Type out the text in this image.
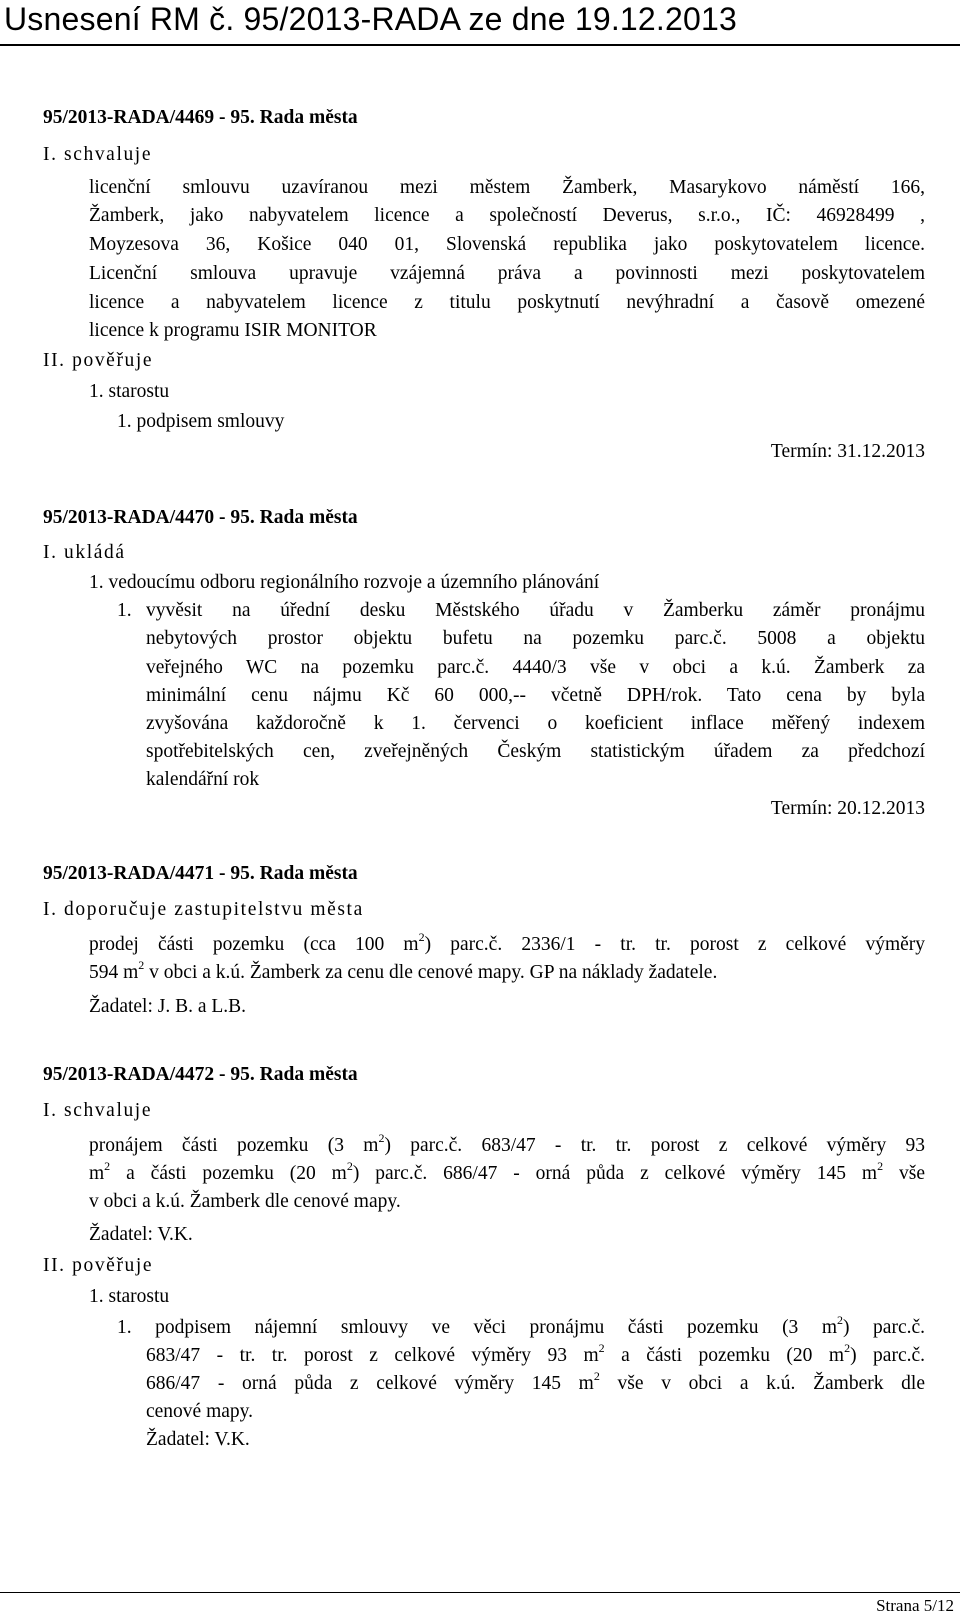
Usnesení RM č. 95/2013-RADA ze dne 19.12.2013
95/2013-RADA/4469 - 95. Rada města
I. schvaluje
licenční smlouvu uzavíranou mezi městem Žamberk, Masarykovo náměstí 166,
Žamberk, jako nabyvatelem licence a společností Deverus, s.r.o., IČ: 46928499 ,
Moyzesova 36, Košice 040 01, Slovenská republika jako poskytovatelem licence.
Licenční smlouva upravuje vzájemná práva a povinnosti mezi poskytovatelem
licence a nabyvatelem licence z titulu poskytnutí nevýhradní a časově omezené
licence k programu ISIR MONITOR
II. pověřuje
1. starostu
1. podpisem smlouvy
Termín: 31.12.2013
95/2013-RADA/4470 - 95. Rada města
I. ukládá
1. vedoucímu odboru regionálního rozvoje a územního plánování
1. vyvěsit na úřední desku Městského úřadu v Žamberku záměr pronájmu
nebytových prostor objektu bufetu na pozemku parc.č. 5008 a objektu
veřejného WC na pozemku parc.č. 4440/3 vše v obci a k.ú. Žamberk za
minimální cenu nájmu Kč 60 000,-- včetně DPH/rok. Tato cena by byla
zvyšována každoročně k 1. červenci o koeficient inflace měřený indexem
spotřebitelských cen, zveřejněných Českým statistickým úřadem za předchozí
kalendářní rok
Termín: 20.12.2013
95/2013-RADA/4471 - 95. Rada města
I. doporučuje zastupitelstvu města
prodej části pozemku (cca 100 $m^2$) parc.č. 2336/1 - tr. tr. porost z celkové výměry
594 $m^2$ v obci a k.ú. Žamberk za cenu dle cenové mapy. GP na náklady žadatele.
Žadatel: J. B. a L.B.
95/2013-RADA/4472 - 95. Rada města
I. schvaluje
pronájem části pozemku (3 $m^2$) parc.č. 683/47 - tr. tr. porost z celkové výměry 93
$m^2$ a části pozemku (20 $m^2$) parc.č. 686/47 - orná půda z celkové výměry 145 $m^2$ vše
v obci a k.ú. Žamberk dle cenové mapy.
Žadatel: V.K.
II. pověřuje
1. starostu
1. podpisem nájemní smlouvy ve věci pronájmu části pozemku (3 $m^2$) parc.č.
683/47 - tr. tr. porost z celkové výměry 93 $m^2$ a části pozemku (20 $m^2$) parc.č.
686/47 - orná půda z celkové výměry 145 $m^2$ vše v obci a k.ú. Žamberk dle
cenové mapy.
Žadatel: V.K.
Strana 5/12
